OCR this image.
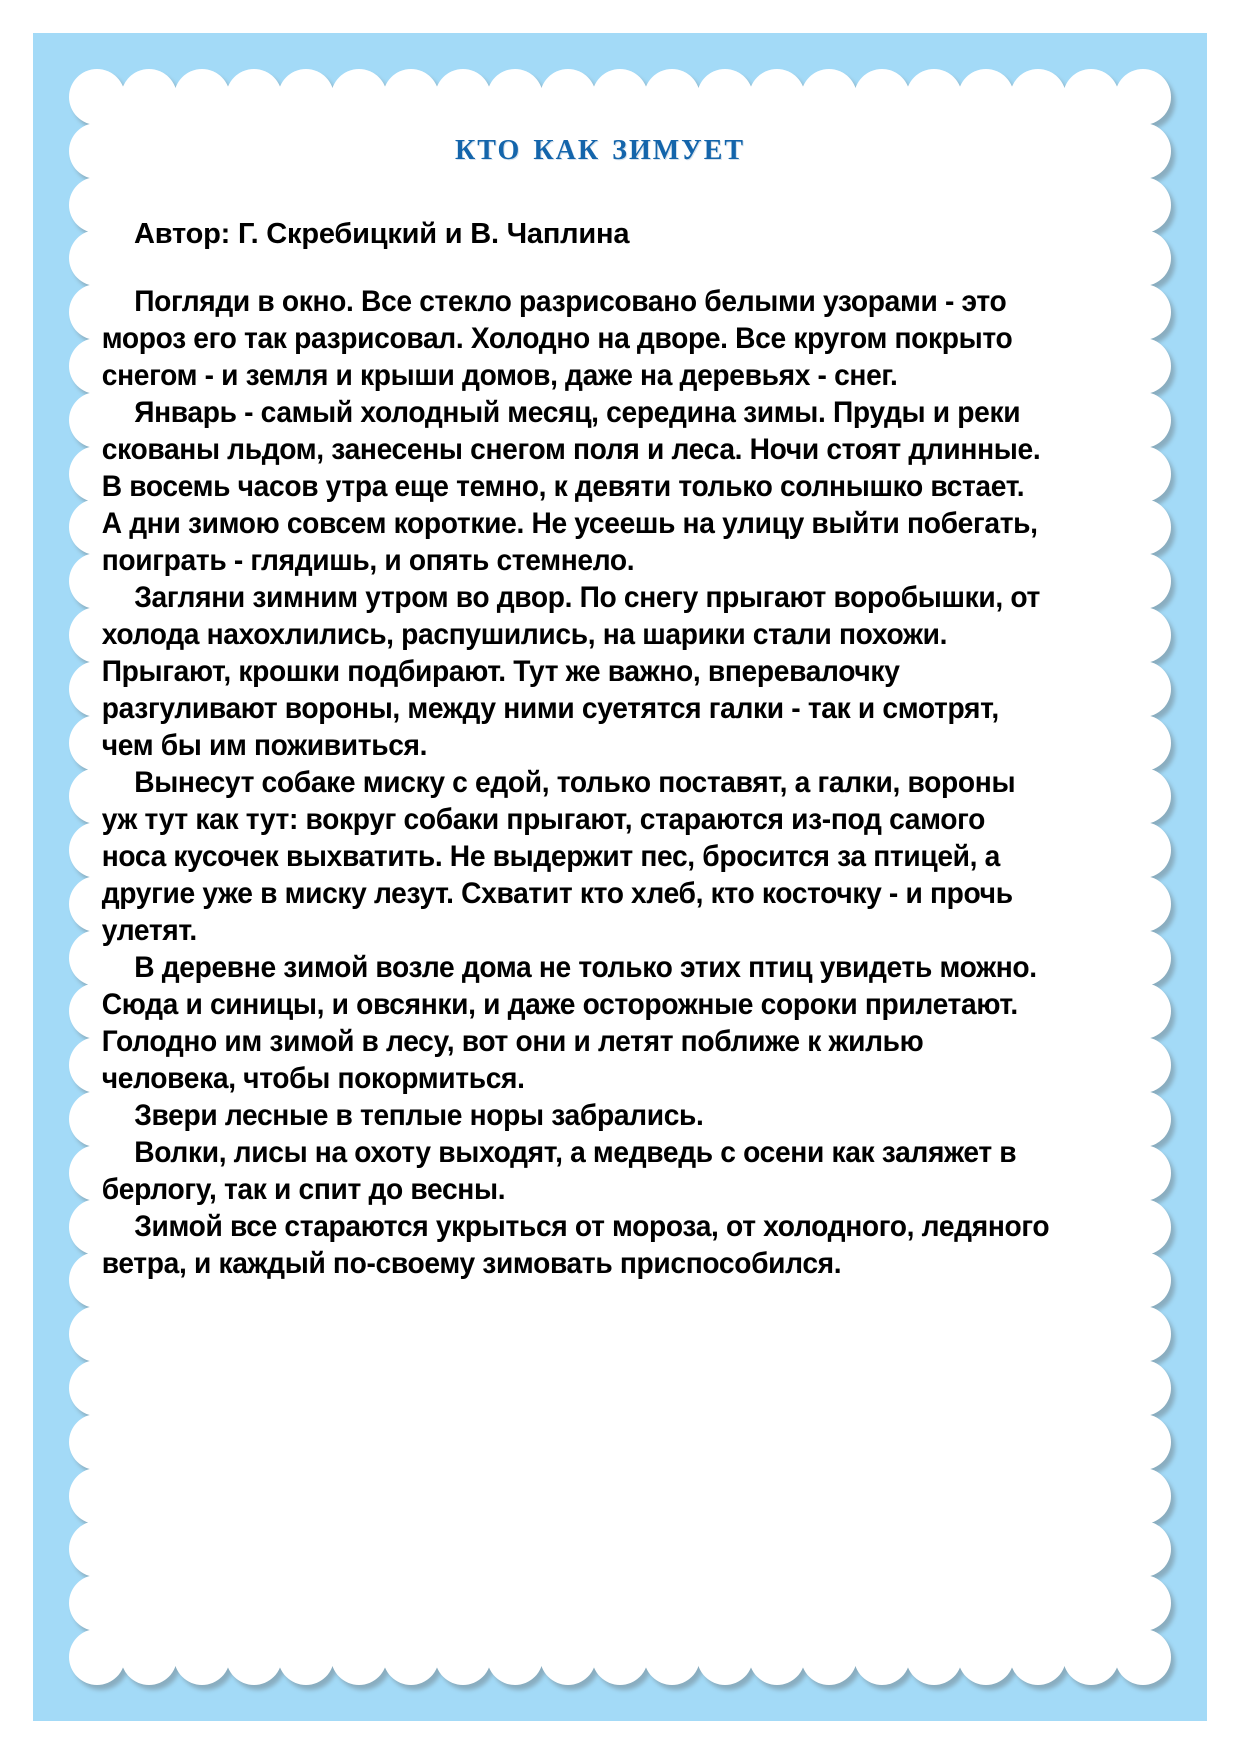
кто как зимует
Автор: Г. Скребицкий и В. Чаплина

Погляди в окно. Все стекло разрисовано белыми узорами - это мороз его так разрисовал. Холодно на дворе. Все кругом покрыто снегом - и земля и крыши домов, даже на деревьях - снег.

Январь - самый холодный месяц, середина зимы. Пруды и реки скованы льдом, занесены снегом поля и леса. Ночи стоят длинные. В восемь часов утра еще темно, к девяти только солнышко встает. А дни зимою совсем короткие. Не усеешь на улицу выйти побегать, поиграть - глядишь, и опять стемнело.

Загляни зимним утром во двор. По снегу прыгают воробышки, от холода нахохлились, распушились, на шарики стали похожи. Прыгают, крошки подбирают. Тут же важно, вперевалочку разгуливают вороны, между ними суетятся галки - так и смотрят, чем бы им поживиться.

Вынесут собаке миску с едой, только поставят, а галки, вороны уж тут как тут: вокруг собаки прыгают, стараются из-под самого носа кусочек выхватить. Не выдержит пес, бросится за птицей, а другие уже в миску лезут. Схватит кто хлеб, кто косточку - и прочь улетят.

В деревне зимой возле дома не только этих птиц увидеть можно. Сюда и синицы, и овсянки, и даже осторожные сороки прилетают. Голодно им зимой в лесу, вот они и летят поближе к жилью человека, чтобы покормиться.

Звери лесные в теплые норы забрались.

Волки, лисы на охоту выходят, а медведь с осени как заляжет в берлогу, так и спит до весны.

Зимой все стараются укрыться от мороза, от холодного, ледяного ветра, и каждый по-своему зимовать приспособился.
